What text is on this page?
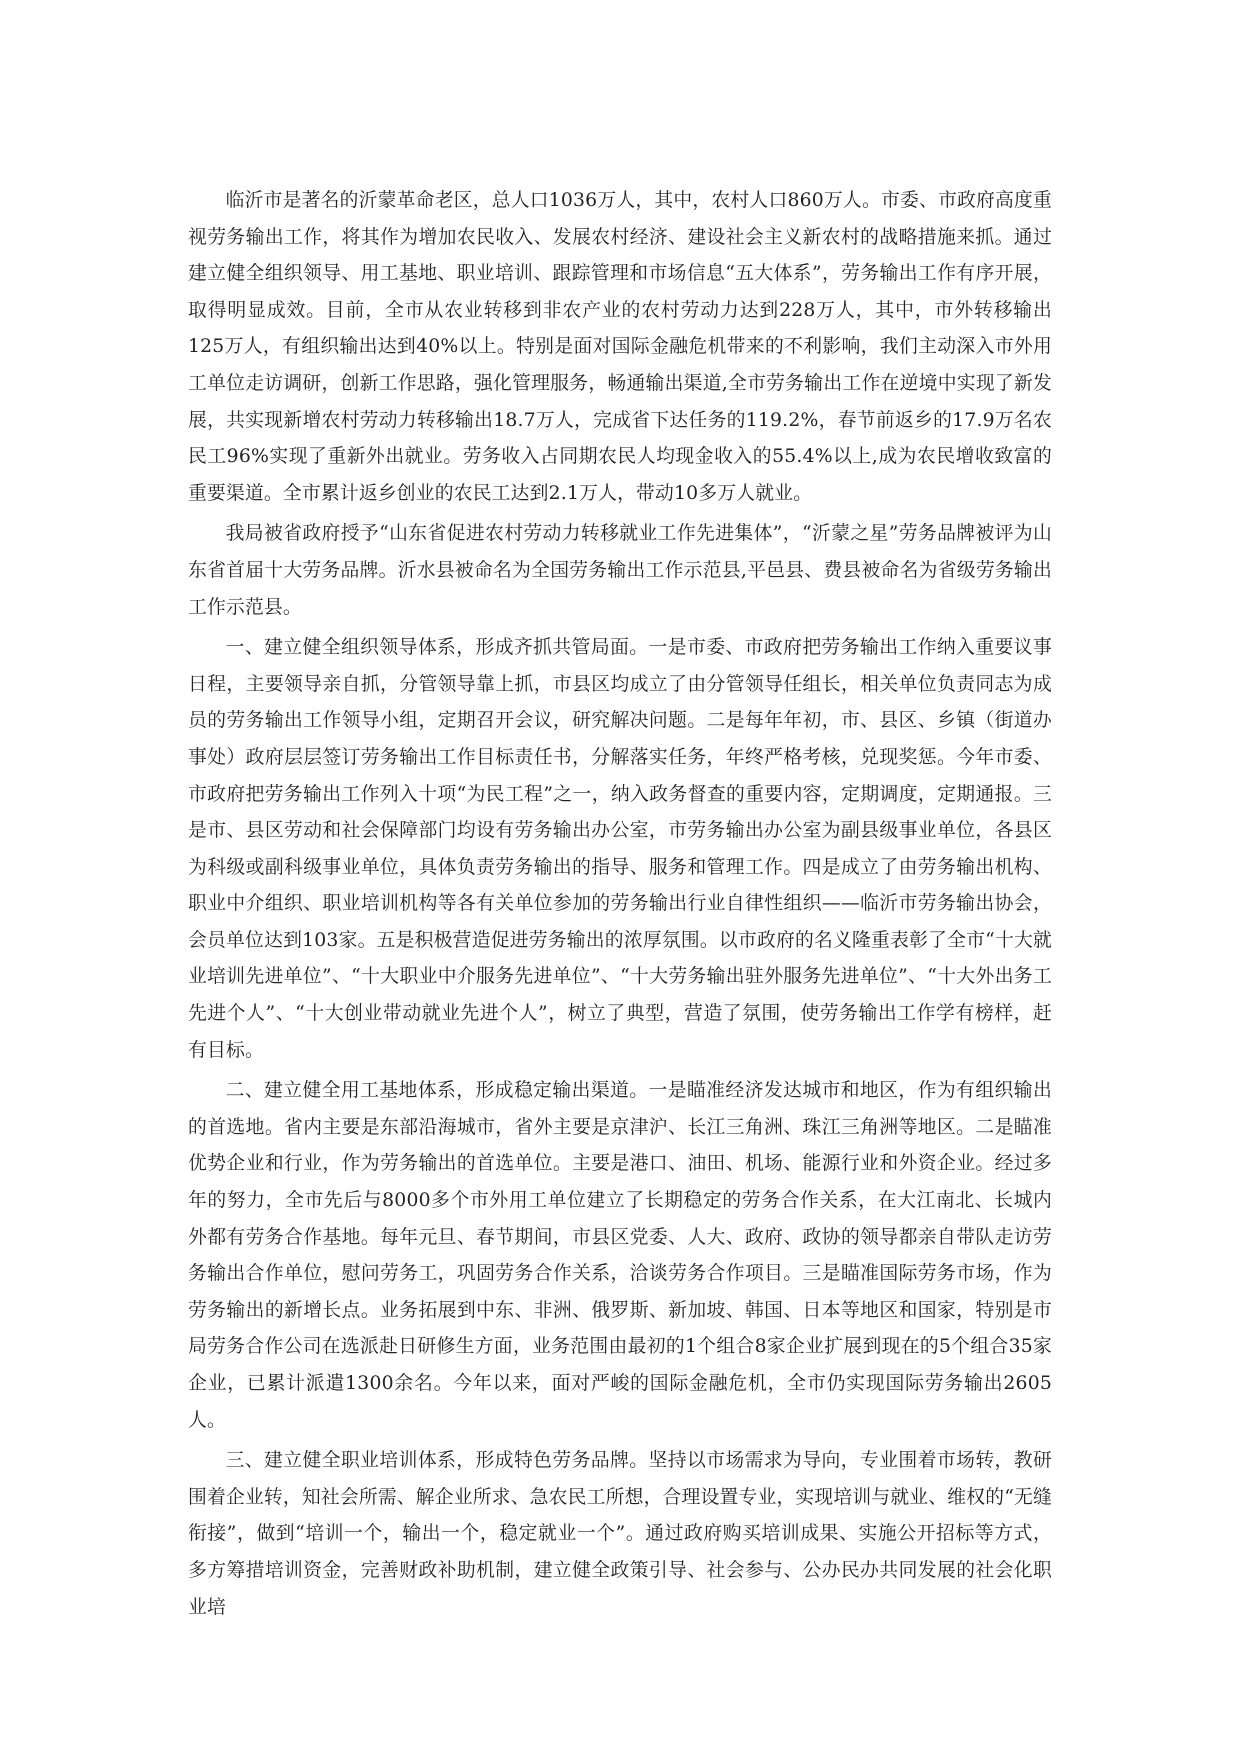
临沂市是著名的沂蒙革命老区，总人口1036万人，其中，农村人口860万人。市委、市政府高度重视劳务输出工作，将其作为增加农民收入、发展农村经济、建设社会主义新农村的战略措施来抓。通过建立健全组织领导、用工基地、职业培训、跟踪管理和市场信息“五大体系”，劳务输出工作有序开展，取得明显成效。目前，全市从农业转移到非农产业的农村劳动力达到228万人，其中，市外转移输出125万人，有组织输出达到40%以上。特别是面对国际金融危机带来的不利影响，我们主动深入市外用工单位走访调研，创新工作思路，强化管理服务，畅通输出渠道,全市劳务输出工作在逆境中实现了新发展，共实现新增农村劳动力转移输出18.7万人，完成省下达任务的119.2%，春节前返乡的17.9万名农民工96%实现了重新外出就业。劳务收入占同期农民人均现金收入的55.4%以上,成为农民增收致富的重要渠道。全市累计返乡创业的农民工达到2.1万人，带动10多万人就业。

我局被省政府授予“山东省促进农村劳动力转移就业工作先进集体”，“沂蒙之星”劳务品牌被评为山东省首届十大劳务品牌。沂水县被命名为全国劳务输出工作示范县,平邑县、费县被命名为省级劳务输出工作示范县。

一、建立健全组织领导体系，形成齐抓共管局面。一是市委、市政府把劳务输出工作纳入重要议事日程，主要领导亲自抓，分管领导靠上抓，市县区均成立了由分管领导任组长，相关单位负责同志为成员的劳务输出工作领导小组，定期召开会议，研究解决问题。二是每年年初，市、县区、乡镇（街道办事处）政府层层签订劳务输出工作目标责任书，分解落实任务，年终严格考核，兑现奖惩。今年市委、市政府把劳务输出工作列入十项“为民工程”之一，纳入政务督查的重要内容，定期调度，定期通报。三是市、县区劳动和社会保障部门均设有劳务输出办公室，市劳务输出办公室为副县级事业单位，各县区为科级或副科级事业单位，具体负责劳务输出的指导、服务和管理工作。四是成立了由劳务输出机构、职业中介组织、职业培训机构等各有关单位参加的劳务输出行业自律性组织——临沂市劳务输出协会，会员单位达到103家。五是积极营造促进劳务输出的浓厚氛围。以市政府的名义隆重表彰了全市“十大就业培训先进单位”、“十大职业中介服务先进单位”、“十大劳务输出驻外服务先进单位”、“十大外出务工先进个人”、“十大创业带动就业先进个人”，树立了典型，营造了氛围，使劳务输出工作学有榜样，赶有目标。

二、建立健全用工基地体系，形成稳定输出渠道。一是瞄准经济发达城市和地区，作为有组织输出的首选地。省内主要是东部沿海城市，省外主要是京津沪、长江三角洲、珠江三角洲等地区。二是瞄准优势企业和行业，作为劳务输出的首选单位。主要是港口、油田、机场、能源行业和外资企业。经过多年的努力，全市先后与8000多个市外用工单位建立了长期稳定的劳务合作关系，在大江南北、长城内外都有劳务合作基地。每年元旦、春节期间，市县区党委、人大、政府、政协的领导都亲自带队走访劳务输出合作单位，慰问劳务工，巩固劳务合作关系，洽谈劳务合作项目。三是瞄准国际劳务市场，作为劳务输出的新增长点。业务拓展到中东、非洲、俄罗斯、新加坡、韩国、日本等地区和国家，特别是市局劳务合作公司在选派赴日研修生方面，业务范围由最初的1个组合8家企业扩展到现在的5个组合35家企业，已累计派遣1300余名。今年以来，面对严峻的国际金融危机，全市仍实现国际劳务输出2605人。

三、建立健全职业培训体系，形成特色劳务品牌。坚持以市场需求为导向，专业围着市场转，教研围着企业转，知社会所需、解企业所求、急农民工所想，合理设置专业，实现培训与就业、维权的“无缝衔接”，做到“培训一个，输出一个，稳定就业一个”。通过政府购买培训成果、实施公开招标等方式，多方筹措培训资金，完善财政补助机制，建立健全政策引导、社会参与、公办民办共同发展的社会化职业培
